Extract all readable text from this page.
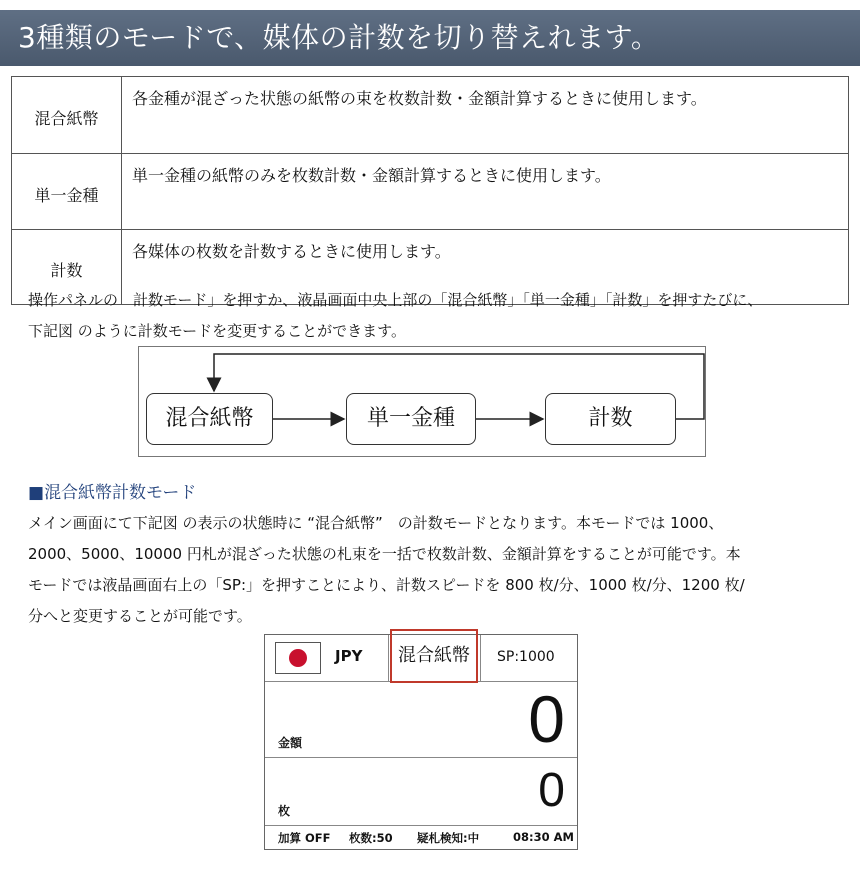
3種類のモードで、媒体の計数を切り替えれます。
混合紙幣	各金種が混ざった状態の紙幣の束を枚数計数・金額計算するときに使用します。
単一金種	単一金種の紙幣のみを枚数計数・金額計算するときに使用します。
計数	各媒体の枚数を計数するときに使用します。
操作パネルの　計数モード」を押すか、液晶画面中央上部の「混合紙幣」「単一金種」「計数」を押すたびに、
下記図 のように計数モードを変更することができます。
混合紙幣	単一金種	計数
■混合紙幣計数モード
メイン画面にて下記図 の表示の状態時に “混合紙幣”　の計数モードとなります。本モードでは 1000、
2000、5000、10000 円札が混ざった状態の札束を一括で枚数計数、金額計算をすることが可能です。本
モードでは液晶画面右上の「SP:」を押すことにより、計数スピードを 800 枚/分、1000 枚/分、1200 枚/
分へと変更することが可能です。
JPY	混合紙幣	SP:1000
金額	0
枚	0
加算 OFF 枚数:50 疑札検知:中	08:30 AM
